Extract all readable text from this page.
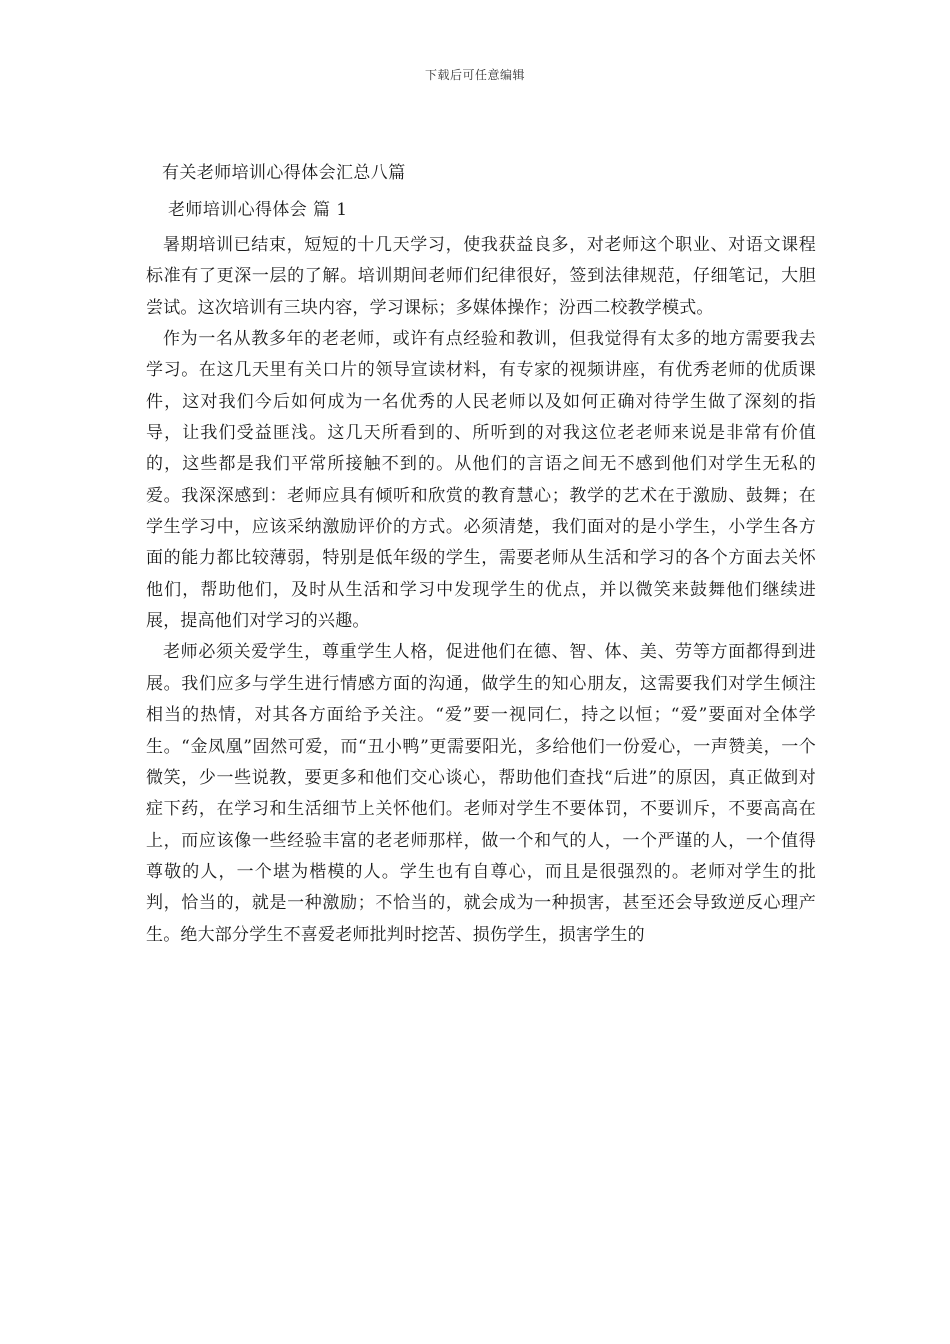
下载后可任意编辑
有关老师培训心得体会汇总八篇
老师培训心得体会 篇 1

暑期培训已结束，短短的十几天学习，使我获益良多，对老师这个职业、对语文课程标准有了更深一层的了解。培训期间老师们纪律很好，签到法律规范，仔细笔记，大胆尝试。这次培训有三块内容，学习课标；多媒体操作；汾西二校教学模式。

作为一名从教多年的老老师，或许有点经验和教训，但我觉得有太多的地方需要我去学习。在这几天里有关口片的领导宣读材料，有专家的视频讲座，有优秀老师的优质课件，这对我们今后如何成为一名优秀的人民老师以及如何正确对待学生做了深刻的指导，让我们受益匪浅。这几天所看到的、所听到的对我这位老老师来说是非常有价值的，这些都是我们平常所接触不到的。从他们的言语之间无不感到他们对学生无私的爱。我深深感到：老师应具有倾听和欣赏的教育慧心；教学的艺术在于激励、鼓舞；在学生学习中，应该采纳激励评价的方式。必须清楚，我们面对的是小学生，小学生各方面的能力都比较薄弱，特别是低年级的学生，需要老师从生活和学习的各个方面去关怀他们，帮助他们，及时从生活和学习中发现学生的优点，并以微笑来鼓舞他们继续进展，提高他们对学习的兴趣。

老师必须关爱学生，尊重学生人格，促进他们在德、智、体、美、劳等方面都得到进展。我们应多与学生进行情感方面的沟通，做学生的知心朋友，这需要我们对学生倾注相当的热情，对其各方面给予关注。“爱”要一视同仁，持之以恒；“爱”要面对全体学生。“金凤凰”固然可爱，而“丑小鸭”更需要阳光，多给他们一份爱心，一声赞美，一个微笑，少一些说教，要更多和他们交心谈心，帮助他们查找“后进”的原因，真正做到对症下药，在学习和生活细节上关怀他们。老师对学生不要体罚，不要训斥，不要高高在上，而应该像一些经验丰富的老老师那样，做一个和气的人，一个严谨的人，一个值得尊敬的人，一个堪为楷模的人。学生也有自尊心，而且是很强烈的。老师对学生的批判，恰当的，就是一种激励；不恰当的，就会成为一种损害，甚至还会导致逆反心理产生。绝大部分学生不喜爱老师批判时挖苦、损伤学生，损害学生的
